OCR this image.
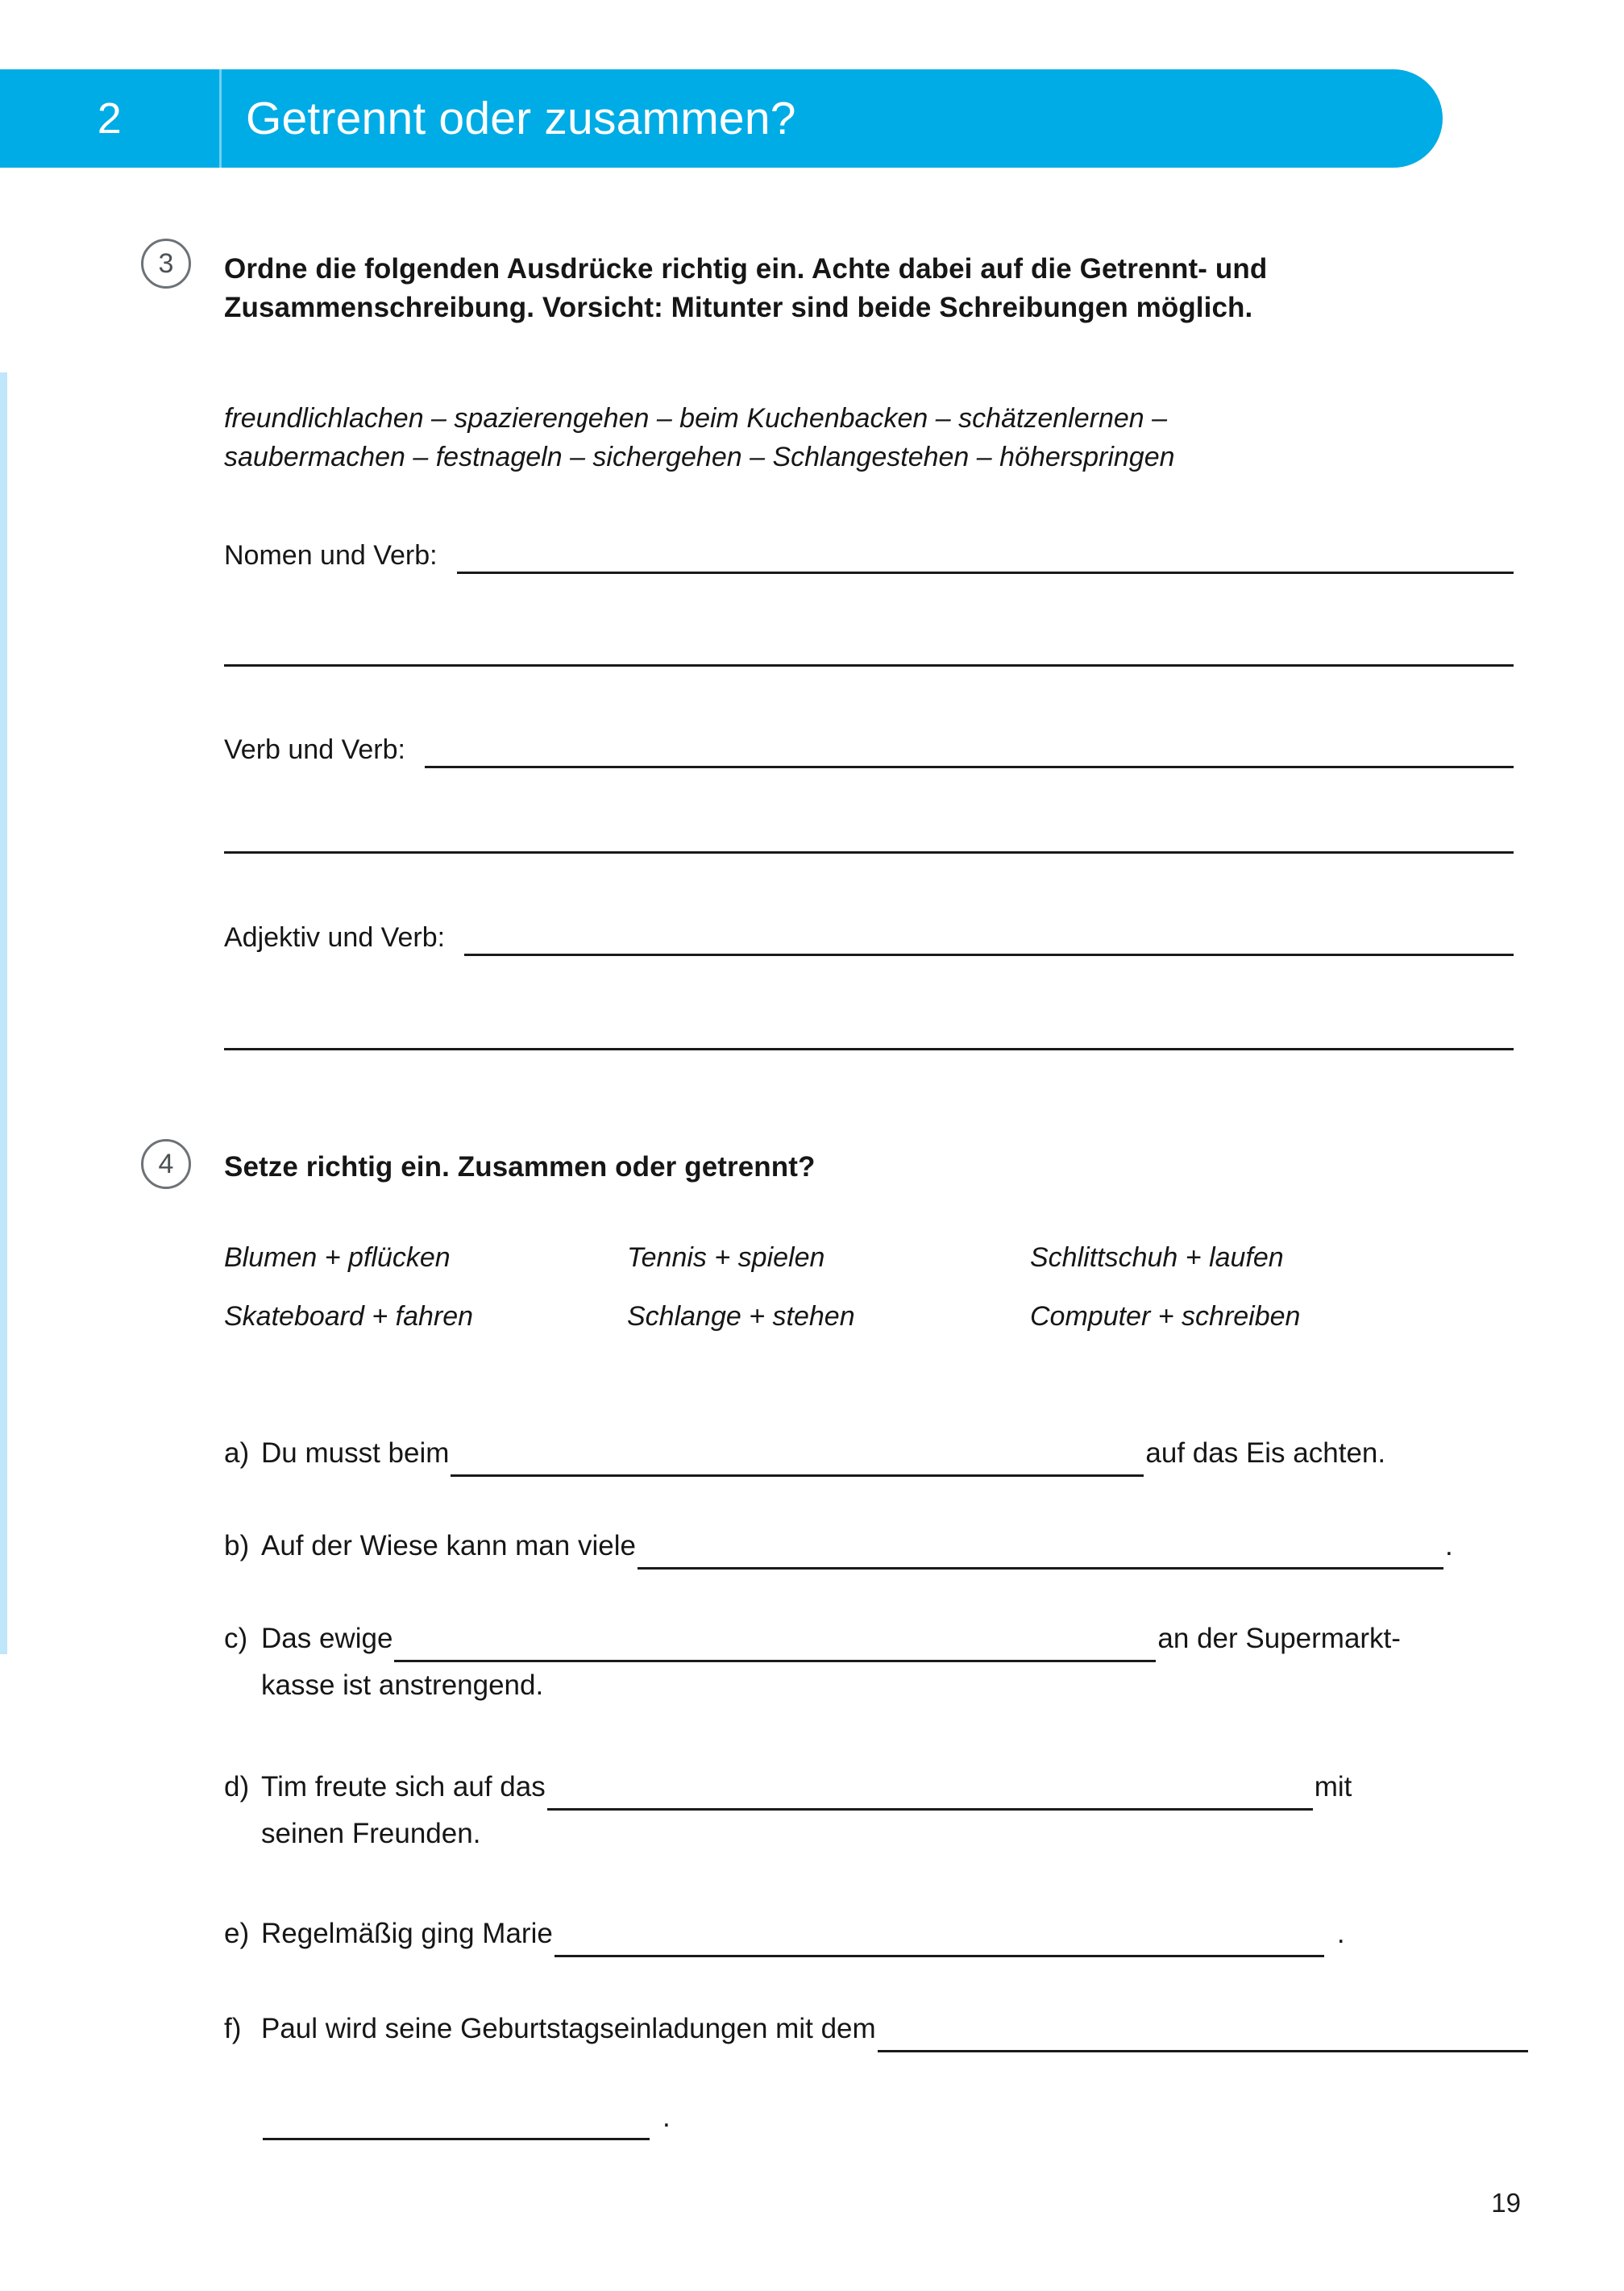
2	Getrennt oder zusammen?
3 Ordne die folgenden Ausdrücke richtig ein. Achte dabei auf die Getrennt- und Zusammenschreibung. Vorsicht: Mitunter sind beide Schreibungen möglich.
freundlichlachen – spazierengehen – beim Kuchenbacken – schätzenlernen –
saubermachen – festnageln – sichergehen – Schlangestehen – höherspringen
Nomen und Verb:
Verb und Verb:
Adjektiv und Verb:
4 Setze richtig ein. Zusammen oder getrennt?
Blumen + pflücken	Tennis + spielen	Schlittschuh + laufen
Skateboard + fahren	Schlange + stehen	Computer + schreiben
a) Du musst beim	auf das Eis achten.
b) Auf der Wiese kann man viele	.
c) Das ewige	an der Supermarkt-
kasse ist anstrengend.
d) Tim freute sich auf das	mit
seinen Freunden.
e) Regelmäßig ging Marie	.
f) Paul wird seine Geburtstagseinladungen mit dem
.
19
